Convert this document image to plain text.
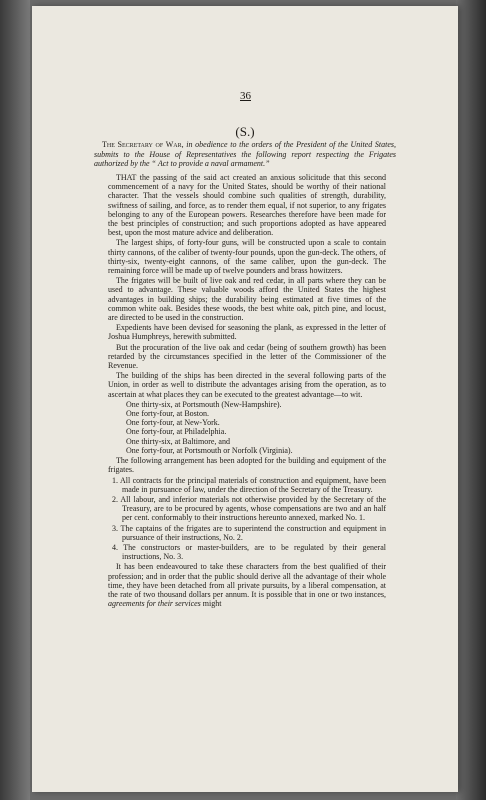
36
(S.)
The Secretary of War, in obedience to the orders of the President of the United States, submits to the House of Representatives the following report respecting the Frigates authorized by the “ Act to provide a naval armament.”

THAT the passing of the said act created an anxious solicitude that this second commencement of a navy for the United States, should be worthy of their national character. That the vessels should combine such qualities of strength, durability, swiftness of sailing, and force, as to render them equal, if not superior, to any frigates belonging to any of the European powers. Researches therefore have been made for the best principles of construction; and such proportions adopted as have appeared best, upon the most mature advice and deliberation.

The largest ships, of forty-four guns, will be constructed upon a scale to contain thirty cannons, of the caliber of twenty-four pounds, upon the gun-deck. The others, of thirty-six, twenty-eight cannons, of the same caliber, upon the gun-deck. The remaining force will be made up of twelve pounders and brass howitzers.

The frigates will be built of live oak and red cedar, in all parts where they can be used to advantage. These valuable woods afford the United States the highest advantages in building ships; the durability being estimated at five times of the common white oak. Besides these woods, the best white oak, pitch pine, and locust, are directed to be used in the construction.

Expedients have been devised for seasoning the plank, as expressed in the letter of Joshua Humphreys, herewith submitted.

But the procuration of the live oak and cedar (being of southern growth) has been retarded by the circumstances specified in the letter of the Commissioner of the Revenue.

The building of the ships has been directed in the several following parts of the Union, in order as well to distribute the advantages arising from the operation, as to ascertain at what places they can be executed to the greatest advantage—to wit.

One thirty-six, at Portsmouth (New-Hampshire).
One forty-four, at Boston.
One forty-four, at New-York.
One forty-four, at Philadelphia.
One thirty-six, at Baltimore, and
One forty-four, at Portsmouth or Norfolk (Virginia).

The following arrangement has been adopted for the building and equipment of the frigates.

1. All contracts for the principal materials of construction and equipment, have been made in pursuance of law, under the direction of the Secretary of the Treasury.
2. All labour, and inferior materials not otherwise provided by the Secretary of the Treasury, are to be procured by agents, whose compensations are two and an half per cent. conformably to their instructions hereunto annexed, marked No. 1.
3. The captains of the frigates are to superintend the construction and equipment in pursuance of their instructions, No. 2.
4. The constructors or master-builders, are to be regulated by their general instructions, No. 3.

It has been endeavoured to take these characters from the best qualified of their profession; and in order that the public should derive all the advantage of their whole time, they have been detached from all private pursuits, by a liberal compensation, at the rate of two thousand dollars per annum. It is possible that in one or two instances, agreements for their services might
